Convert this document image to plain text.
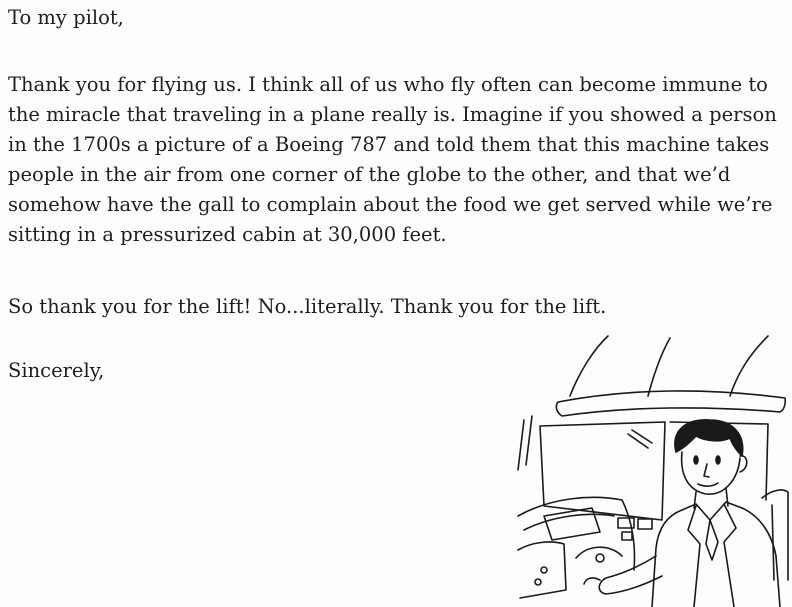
To my pilot,

Thank you for flying us. I think all of us who fly often can become immune to the miracle that traveling in a plane really is. Imagine if you showed a person in the 1700s a picture of a Boeing 787 and told them that this machine takes people in the air from one corner of the globe to the other, and that we’d somehow have the gall to complain about the food we get served while we’re sitting in a pressurized cabin at 30,000 feet.

So thank you for the lift! No...literally. Thank you for the lift.

Sincerely,
